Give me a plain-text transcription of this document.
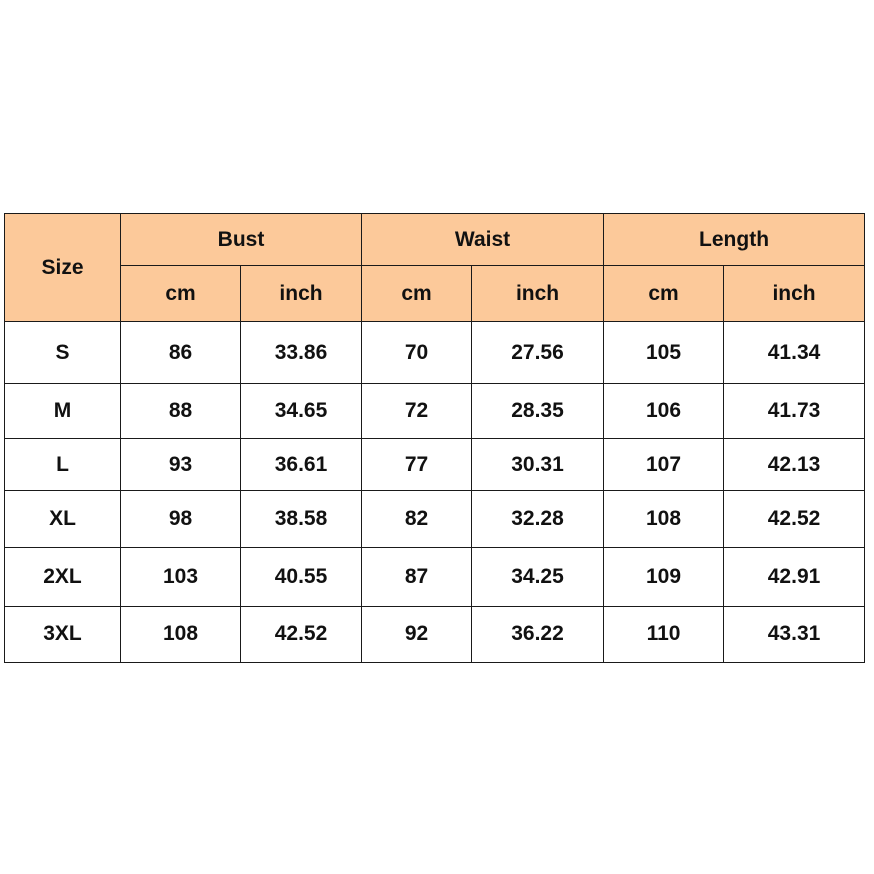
Size	Bust		Waist		Length	
	cm	inch	cm	inch	cm	inch
S	86	33.86	70	27.56	105	41.34
M	88	34.65	72	28.35	106	41.73
L	93	36.61	77	30.31	107	42.13
XL	98	38.58	82	32.28	108	42.52
2XL	103	40.55	87	34.25	109	42.91
3XL	108	42.52	92	36.22	110	43.31
